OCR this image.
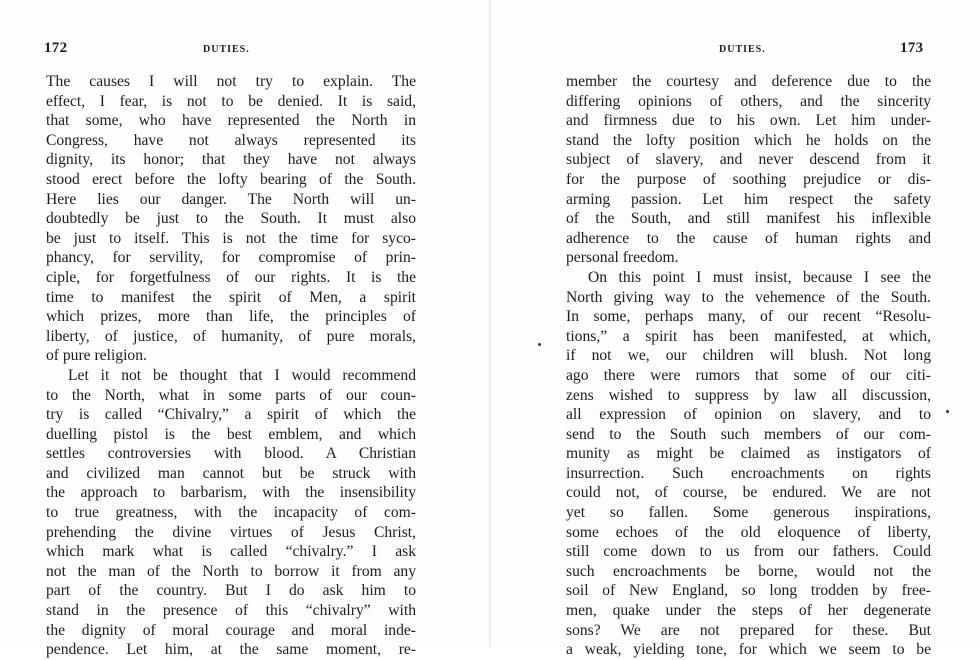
172	DUTIES.
The causes I will not try to explain. The
effect, I fear, is not to be denied. It is said,
that some, who have represented the North in
Congress, have not always represented its
dignity, its honor; that they have not always
stood erect before the lofty bearing of the South.
Here lies our danger. The North will un-
doubtedly be just to the South. It must also
be just to itself. This is not the time for syco-
phancy, for servility, for compromise of prin-
ciple, for forgetfulness of our rights. It is the
time to manifest the spirit of Men, a spirit
which prizes, more than life, the principles of
liberty, of justice, of humanity, of pure morals,
of pure religion.
Let it not be thought that I would recommend
to the North, what in some parts of our coun-
try is called “Chivalry,” a spirit of which the
duelling pistol is the best emblem, and which
settles controversies with blood. A Christian
and civilized man cannot but be struck with
the approach to barbarism, with the insensibility
to true greatness, with the incapacity of com-
prehending the divine virtues of Jesus Christ,
which mark what is called “chivalry.” I ask
not the man of the North to borrow it from any
part of the country. But I do ask him to
stand in the presence of this “chivalry” with
the dignity of moral courage and moral inde-
pendence. Let him, at the same moment, re-
DUTIES.	173
member the courtesy and deference due to the
differing opinions of others, and the sincerity
and firmness due to his own. Let him under-
stand the lofty position which he holds on the
subject of slavery, and never descend from it
for the purpose of soothing prejudice or dis-
arming passion. Let him respect the safety
of the South, and still manifest his inflexible
adherence to the cause of human rights and
personal freedom.
On this point I must insist, because I see the
North giving way to the vehemence of the South.
In some, perhaps many, of our recent “Resolu-
tions,” a spirit has been manifested, at which,
if not we, our children will blush. Not long
ago there were rumors that some of our citi-
zens wished to suppress by law all discussion,
all expression of opinion on slavery, and to
send to the South such members of our com-
munity as might be claimed as instigators of
insurrection. Such encroachments on rights
could not, of course, be endured. We are not
yet so fallen. Some generous inspirations,
some echoes of the old eloquence of liberty,
still come down to us from our fathers. Could
such encroachments be borne, would not the
soil of New England, so long trodden by free-
men, quake under the steps of her degenerate
sons? We are not prepared for these. But
a weak, yielding tone, for which we seem to be
